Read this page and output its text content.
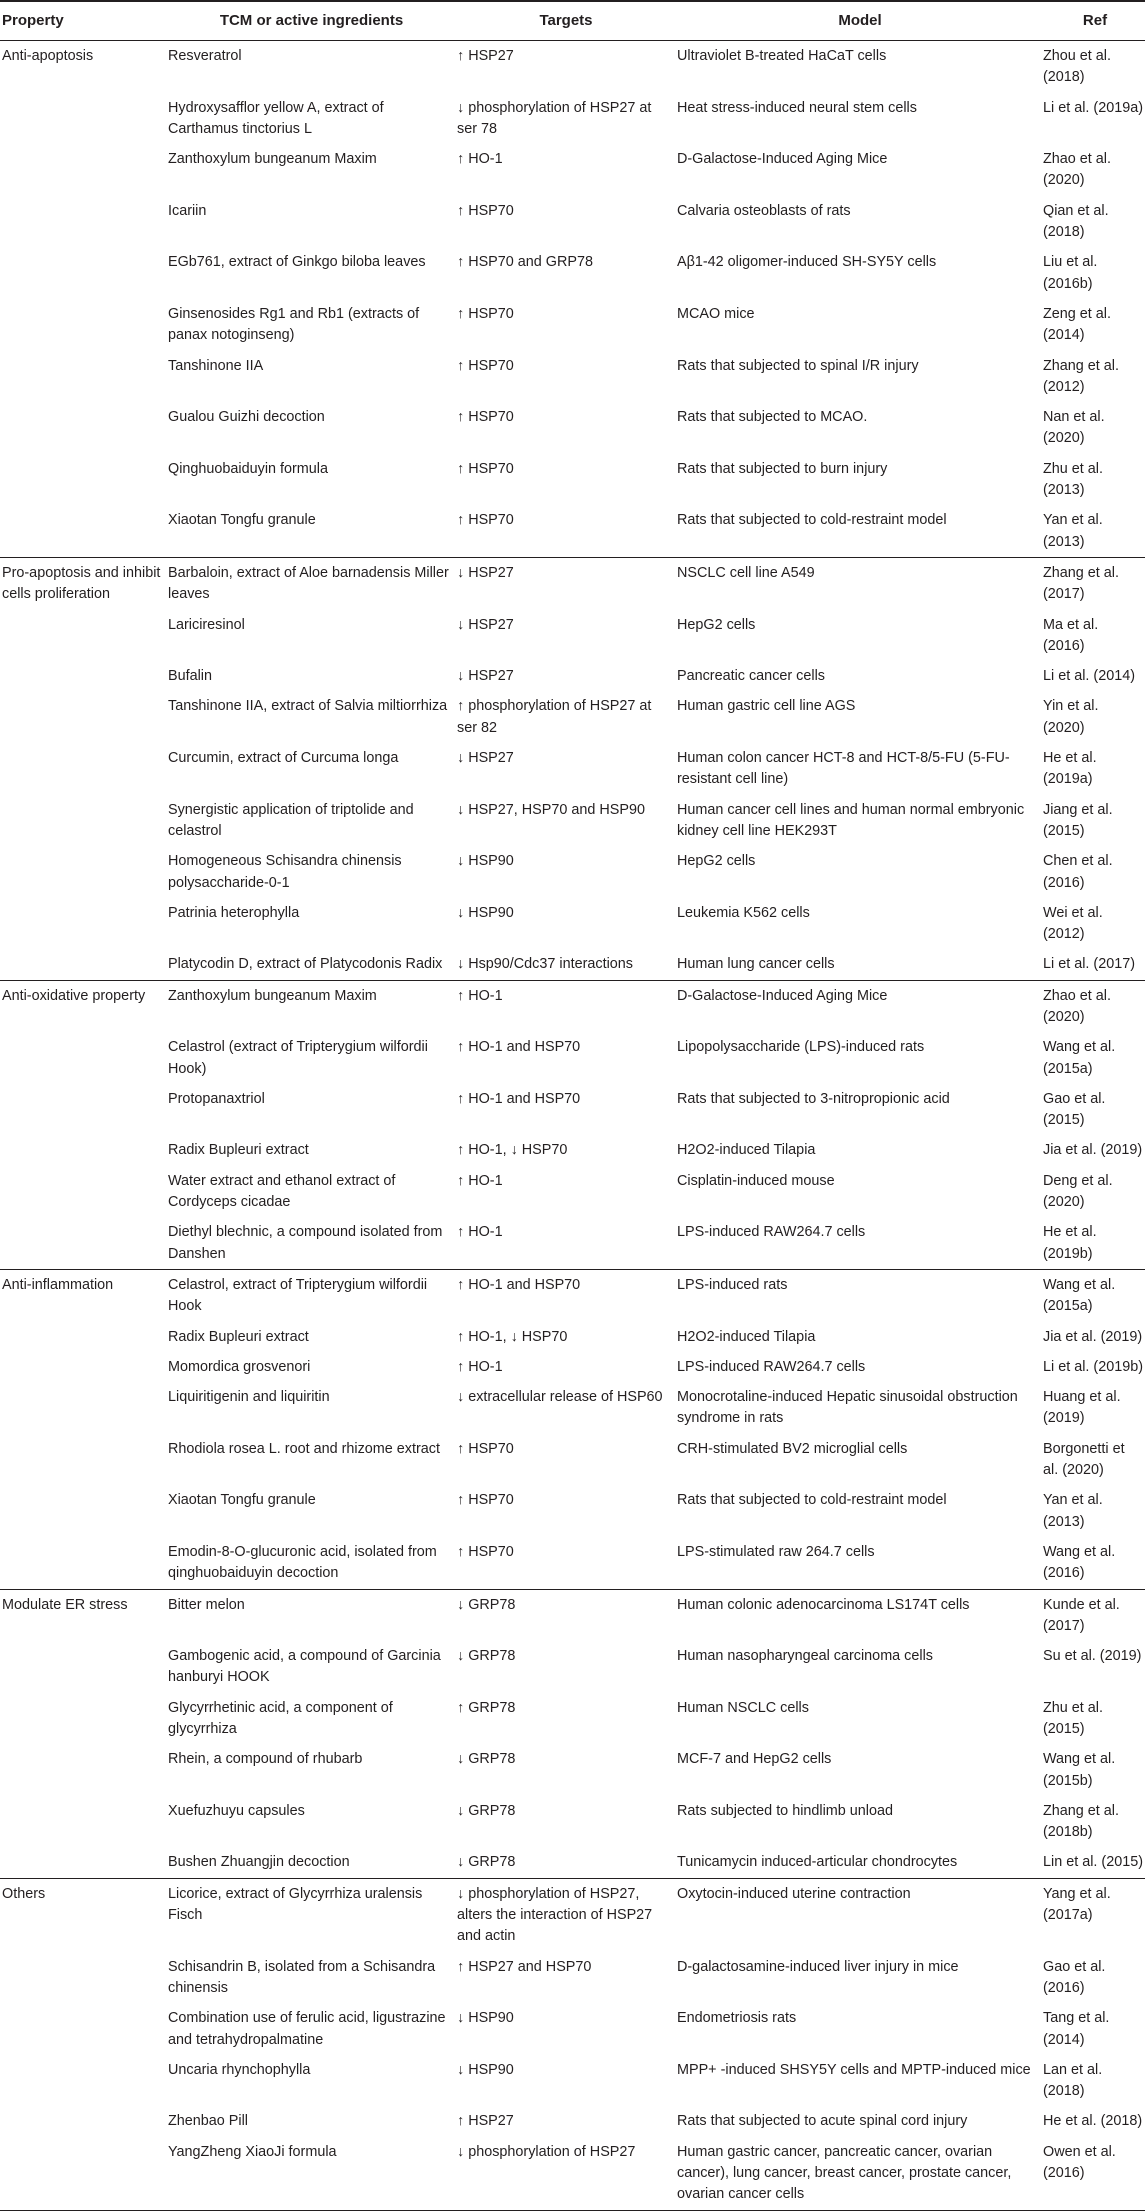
Property	TCM or active ingredients	Targets	Model	Ref
Anti-apoptosis	Resveratrol	↑ HSP27	Ultraviolet B-treated HaCaT cells	Zhou et al. (2018)
	Hydroxysafflor yellow A, extract of Carthamus tinctorius L	↓ phosphorylation of HSP27 at ser 78	Heat stress-induced neural stem cells	Li et al. (2019a)
	Zanthoxylum bungeanum Maxim	↑ HO-1	D-Galactose-Induced Aging Mice	Zhao et al. (2020)
	Icariin	↑ HSP70	Calvaria osteoblasts of rats	Qian et al. (2018)
	EGb761, extract of Ginkgo biloba leaves	↑ HSP70 and GRP78	Aβ1-42 oligomer-induced SH-SY5Y cells	Liu et al. (2016b)
	Ginsenosides Rg1 and Rb1 (extracts of panax notoginseng)	↑ HSP70	MCAO mice	Zeng et al. (2014)
	Tanshinone IIA	↑ HSP70	Rats that subjected to spinal I/R injury	Zhang et al. (2012)
	Gualou Guizhi decoction	↑ HSP70	Rats that subjected to MCAO.	Nan et al. (2020)
	Qinghuobaiduyin formula	↑ HSP70	Rats that subjected to burn injury	Zhu et al. (2013)
	Xiaotan Tongfu granule	↑ HSP70	Rats that subjected to cold-restraint model	Yan et al. (2013)
Pro-apoptosis and inhibit cells proliferation	Barbaloin, extract of Aloe barnadensis Miller leaves	↓ HSP27	NSCLC cell line A549	Zhang et al. (2017)
	Lariciresinol	↓ HSP27	HepG2 cells	Ma et al. (2016)
	Bufalin	↓ HSP27	Pancreatic cancer cells	Li et al. (2014)
	Tanshinone IIA, extract of Salvia miltiorrhiza	↑ phosphorylation of HSP27 at ser 82	Human gastric cell line AGS	Yin et al. (2020)
	Curcumin, extract of Curcuma longa	↓ HSP27	Human colon cancer HCT-8 and HCT-8/5-FU (5-FU-resistant cell line)	He et al. (2019a)
	Synergistic application of triptolide and celastrol	↓ HSP27, HSP70 and HSP90	Human cancer cell lines and human normal embryonic kidney cell line HEK293T	Jiang et al. (2015)
	Homogeneous Schisandra chinensis polysaccharide-0-1	↓ HSP90	HepG2 cells	Chen et al. (2016)
	Patrinia heterophylla	↓ HSP90	Leukemia K562 cells	Wei et al. (2012)
	Platycodin D, extract of Platycodonis Radix	↓ Hsp90/Cdc37 interactions	Human lung cancer cells	Li et al. (2017)
Anti-oxidative property	Zanthoxylum bungeanum Maxim	↑ HO-1	D-Galactose-Induced Aging Mice	Zhao et al. (2020)
	Celastrol (extract of Tripterygium wilfordii Hook)	↑ HO-1 and HSP70	Lipopolysaccharide (LPS)-induced rats	Wang et al. (2015a)
	Protopanaxtriol	↑ HO-1 and HSP70	Rats that subjected to 3-nitropropionic acid	Gao et al. (2015)
	Radix Bupleuri extract	↑ HO-1, ↓ HSP70	H2O2-induced Tilapia	Jia et al. (2019)
	Water extract and ethanol extract of Cordyceps cicadae	↑ HO-1	Cisplatin-induced mouse	Deng et al. (2020)
	Diethyl blechnic, a compound isolated from Danshen	↑ HO-1	LPS-induced RAW264.7 cells	He et al. (2019b)
Anti-inflammation	Celastrol, extract of Tripterygium wilfordii Hook	↑ HO-1 and HSP70	LPS-induced rats	Wang et al. (2015a)
	Radix Bupleuri extract	↑ HO-1, ↓ HSP70	H2O2-induced Tilapia	Jia et al. (2019)
	Momordica grosvenori	↑ HO-1	LPS-induced RAW264.7 cells	Li et al. (2019b)
	Liquiritigenin and liquiritin	↓ extracellular release of HSP60	Monocrotaline-induced Hepatic sinusoidal obstruction syndrome in rats	Huang et al. (2019)
	Rhodiola rosea L. root and rhizome extract	↑ HSP70	CRH-stimulated BV2 microglial cells	Borgonetti et al. (2020)
	Xiaotan Tongfu granule	↑ HSP70	Rats that subjected to cold-restraint model	Yan et al. (2013)
	Emodin-8-O-glucuronic acid, isolated from qinghuobaiduyin decoction	↑ HSP70	LPS-stimulated raw 264.7 cells	Wang et al. (2016)
Modulate ER stress	Bitter melon	↓ GRP78	Human colonic adenocarcinoma LS174T cells	Kunde et al. (2017)
	Gambogenic acid, a compound of Garcinia hanburyi HOOK	↓ GRP78	Human nasopharyngeal carcinoma cells	Su et al. (2019)
	Glycyrrhetinic acid, a component of glycyrrhiza	↑ GRP78	Human NSCLC cells	Zhu et al. (2015)
	Rhein, a compound of rhubarb	↓ GRP78	MCF-7 and HepG2 cells	Wang et al. (2015b)
	Xuefuzhuyu capsules	↓ GRP78	Rats subjected to hindlimb unload	Zhang et al. (2018b)
	Bushen Zhuangjin decoction	↓ GRP78	Tunicamycin induced-articular chondrocytes	Lin et al. (2015)
Others	Licorice, extract of Glycyrrhiza uralensis Fisch	↓ phosphorylation of HSP27, alters the interaction of HSP27 and actin	Oxytocin-induced uterine contraction	Yang et al. (2017a)
	Schisandrin B, isolated from a Schisandra chinensis	↑ HSP27 and HSP70	D-galactosamine-induced liver injury in mice	Gao et al. (2016)
	Combination use of ferulic acid, ligustrazine and tetrahydropalmatine	↓ HSP90	Endometriosis rats	Tang et al. (2014)
	Uncaria rhynchophylla	↓ HSP90	MPP+ -induced SHSY5Y cells and MPTP-induced mice	Lan et al. (2018)
	Zhenbao Pill	↑ HSP27	Rats that subjected to acute spinal cord injury	He et al. (2018)
	YangZheng XiaoJi formula	↓ phosphorylation of HSP27	Human gastric cancer, pancreatic cancer, ovarian cancer), lung cancer, breast cancer, prostate cancer, ovarian cancer cells	Owen et al. (2016)
